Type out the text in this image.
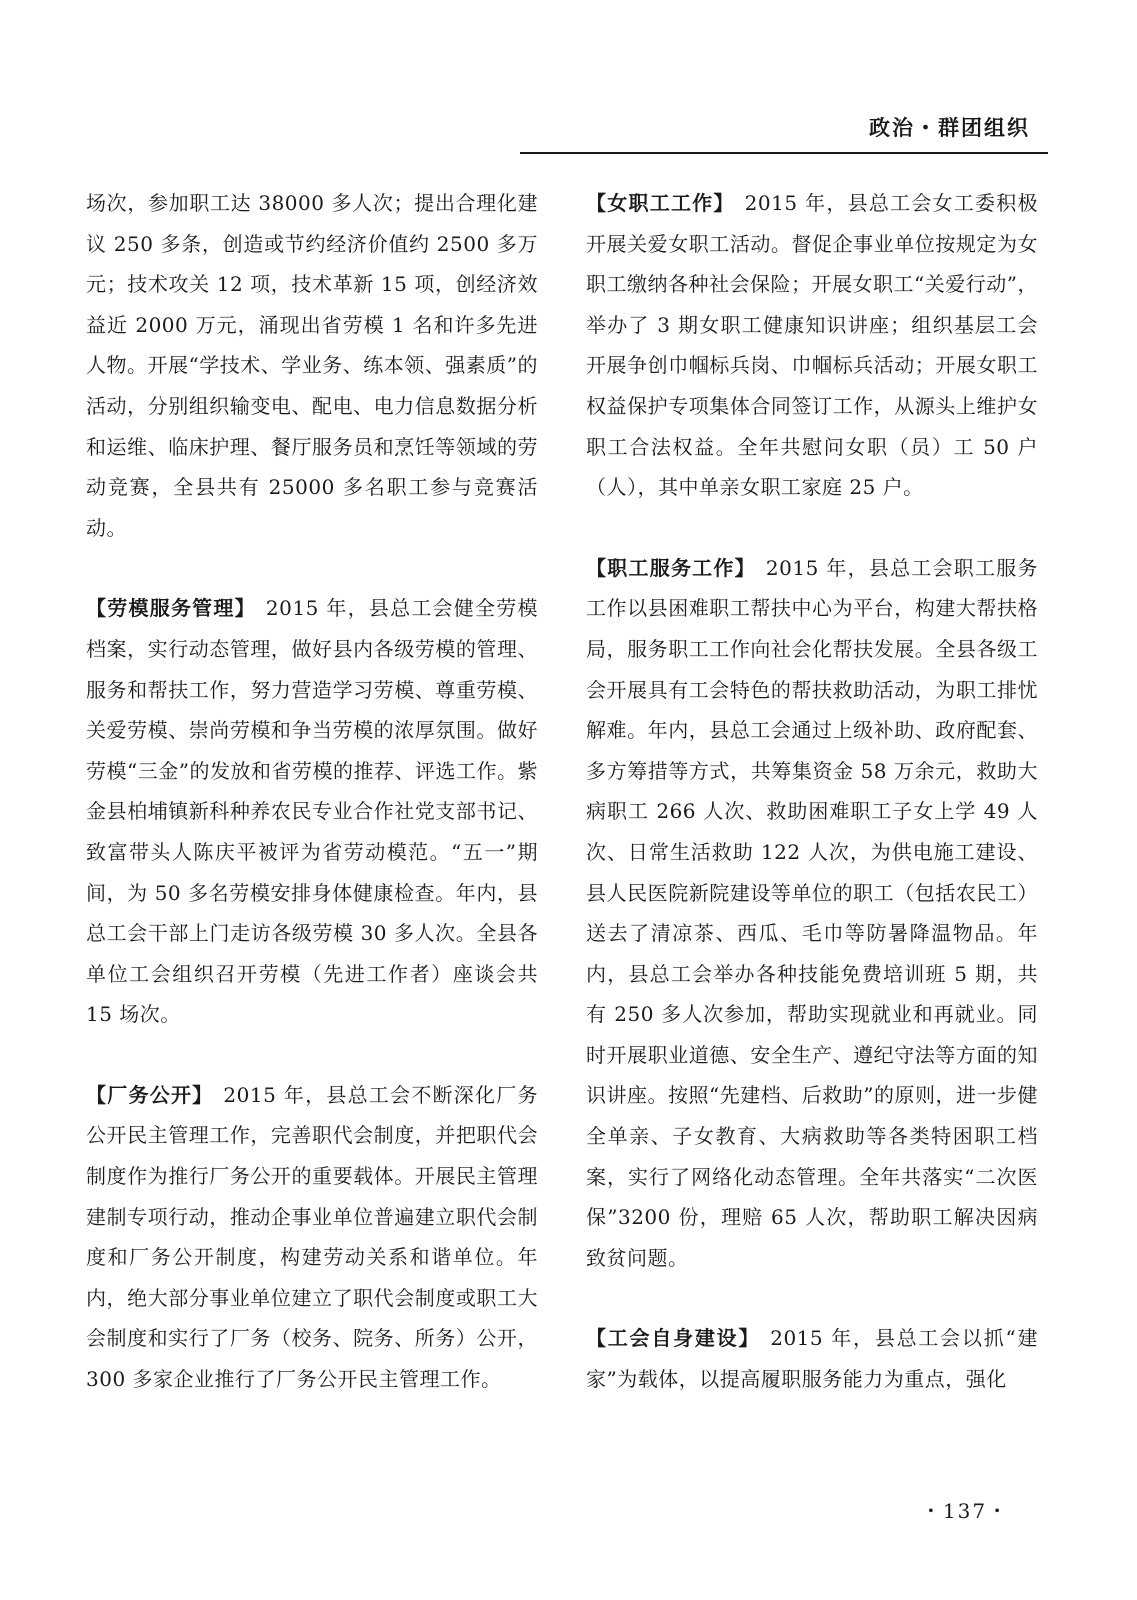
政治・群团组织

场次，参加职工达 38000 多人次；提出合理化建议 250 多条，创造或节约经济价值约 2500 多万元；技术攻关 12 项，技术革新 15 项，创经济效益近 2000 万元，涌现出省劳模 1 名和许多先进人物。开展“学技术、学业务、练本领、强素质”的活动，分别组织输变电、配电、电力信息数据分析和运维、临床护理、餐厅服务员和烹饪等领域的劳动竞赛，全县共有 25000 多名职工参与竞赛活动。

【劳模服务管理】 2015 年，县总工会健全劳模档案，实行动态管理，做好县内各级劳模的管理、服务和帮扶工作，努力营造学习劳模、尊重劳模、关爱劳模、崇尚劳模和争当劳模的浓厚氛围。做好劳模“三金”的发放和省劳模的推荐、评选工作。紫金县柏埔镇新科种养农民专业合作社党支部书记、致富带头人陈庆平被评为省劳动模范。“五一”期间，为 50 多名劳模安排身体健康检查。年内，县总工会干部上门走访各级劳模 30 多人次。全县各单位工会组织召开劳模（先进工作者）座谈会共 15 场次。

【厂务公开】 2015 年，县总工会不断深化厂务公开民主管理工作，完善职代会制度，并把职代会制度作为推行厂务公开的重要载体。开展民主管理建制专项行动，推动企事业单位普遍建立职代会制度和厂务公开制度，构建劳动关系和谐单位。年内，绝大部分事业单位建立了职代会制度或职工大会制度和实行了厂务（校务、院务、所务）公开，300 多家企业推行了厂务公开民主管理工作。

【女职工工作】 2015 年，县总工会女工委积极开展关爱女职工活动。督促企事业单位按规定为女职工缴纳各种社会保险；开展女职工“关爱行动”，举办了 3 期女职工健康知识讲座；组织基层工会开展争创巾帼标兵岗、巾帼标兵活动；开展女职工权益保护专项集体合同签订工作，从源头上维护女职工合法权益。全年共慰问女职（员）工 50 户（人），其中单亲女职工家庭 25 户。

【职工服务工作】 2015 年，县总工会职工服务工作以县困难职工帮扶中心为平台，构建大帮扶格局，服务职工工作向社会化帮扶发展。全县各级工会开展具有工会特色的帮扶救助活动，为职工排忧解难。年内，县总工会通过上级补助、政府配套、多方筹措等方式，共筹集资金 58 万余元，救助大病职工 266 人次、救助困难职工子女上学 49 人次、日常生活救助 122 人次，为供电施工建设、县人民医院新院建设等单位的职工（包括农民工）送去了清凉茶、西瓜、毛巾等防暑降温物品。年内，县总工会举办各种技能免费培训班 5 期，共有 250 多人次参加，帮助实现就业和再就业。同时开展职业道德、安全生产、遵纪守法等方面的知识讲座。按照“先建档、后救助”的原则，进一步健全单亲、子女教育、大病救助等各类特困职工档案，实行了网络化动态管理。全年共落实“二次医保”3200 份，理赔 65 人次，帮助职工解决因病致贫问题。

【工会自身建设】 2015 年，县总工会以抓“建家”为载体，以提高履职服务能力为重点，强化

・137・
